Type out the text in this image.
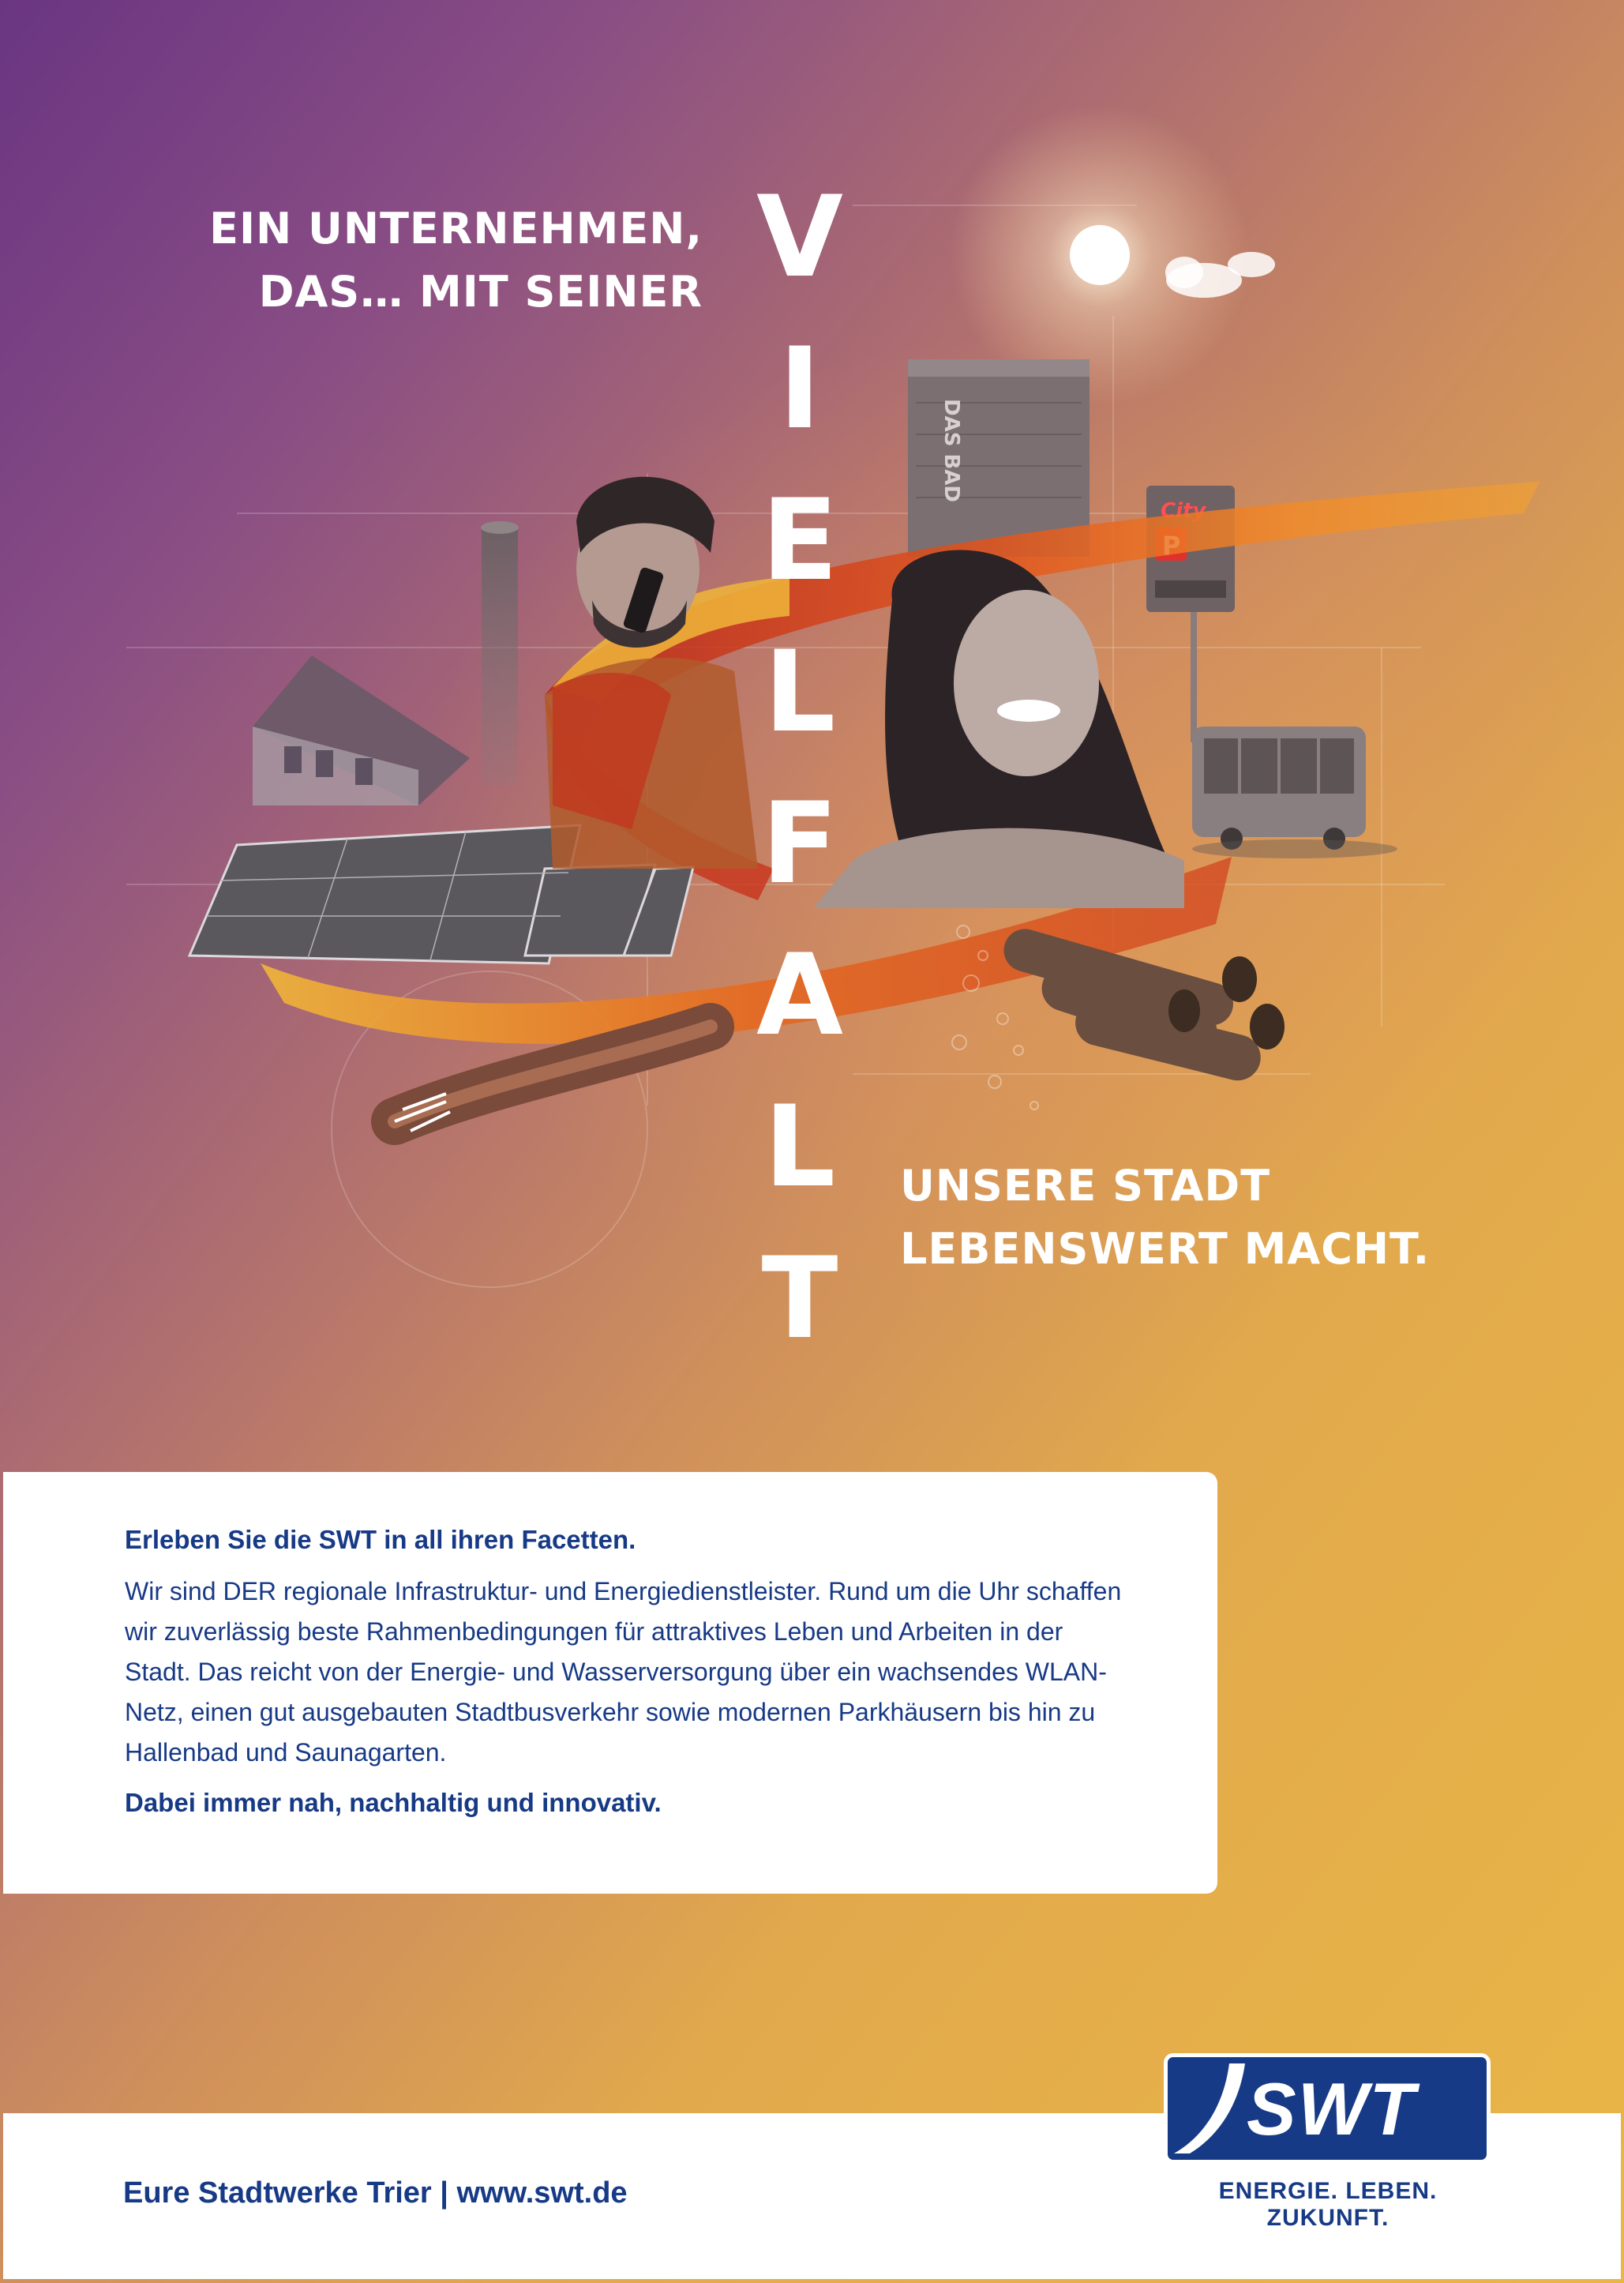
DAS BAD
City
EIN UNTERNEHMEN,
DAS… MIT SEINER V
I
E
L
F
A
L
T
UNSERE STADT
LEBENSWERT MACHT.

Erleben Sie die SWT in all ihren Facetten.

Wir sind DER regionale Infrastruktur- und Energiedienstleister. Rund um die Uhr schaffen wir zuverlässig beste Rahmenbedingungen für attraktives Leben und Arbeiten in der Stadt. Das reicht von der Energie- und Wasserversorgung über ein wachsendes WLAN-Netz, einen gut ausgebauten Stadtbusverkehr sowie modernen Parkhäusern bis hin zu Hallenbad und Saunagarten.

Dabei immer nah, nachhaltig und innovativ.

Eure Stadtwerke Trier | www.swt.de
SWT
ENERGIE. LEBEN. ZUKUNFT.
